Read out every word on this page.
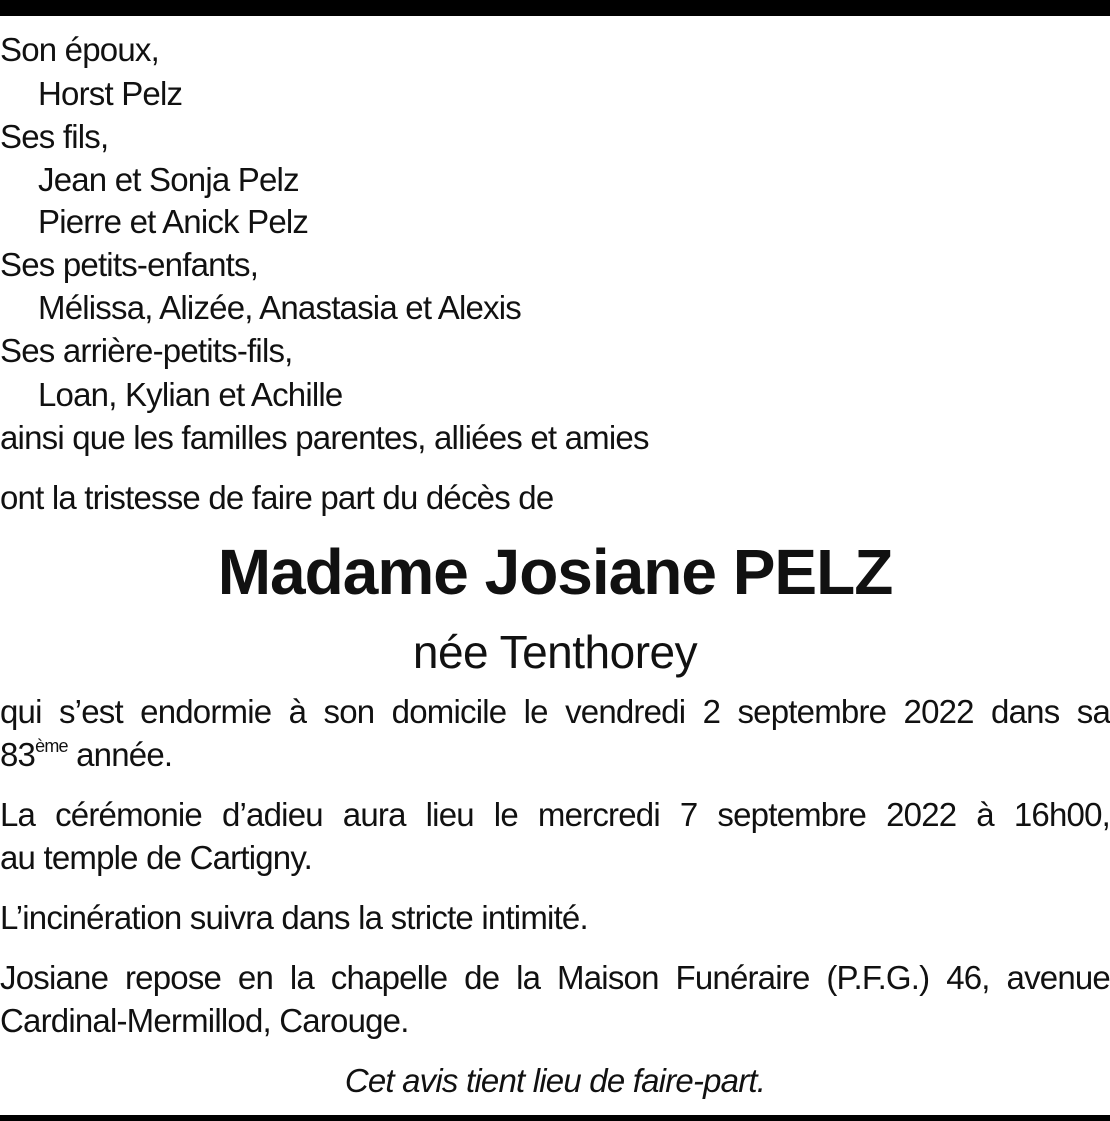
Son époux,
Horst Pelz
Ses fils,
Jean et Sonja Pelz
Pierre et Anick Pelz
Ses petits-enfants,
Mélissa, Alizée, Anastasia et Alexis
Ses arrière-petits-fils,
Loan, Kylian et Achille
ainsi que les familles parentes, alliées et amies
ont la tristesse de faire part du décès de
Madame Josiane PELZ
née Tenthorey
qui s’est endormie à son domicile le vendredi 2 septembre 2022 dans sa
83ème année.
La cérémonie d’adieu aura lieu le mercredi 7 septembre 2022 à 16h00,
au temple de Cartigny.
L’incinération suivra dans la stricte intimité.
Josiane repose en la chapelle de la Maison Funéraire (P.F.G.) 46, avenue
Cardinal-Mermillod, Carouge.
Cet avis tient lieu de faire-part.
